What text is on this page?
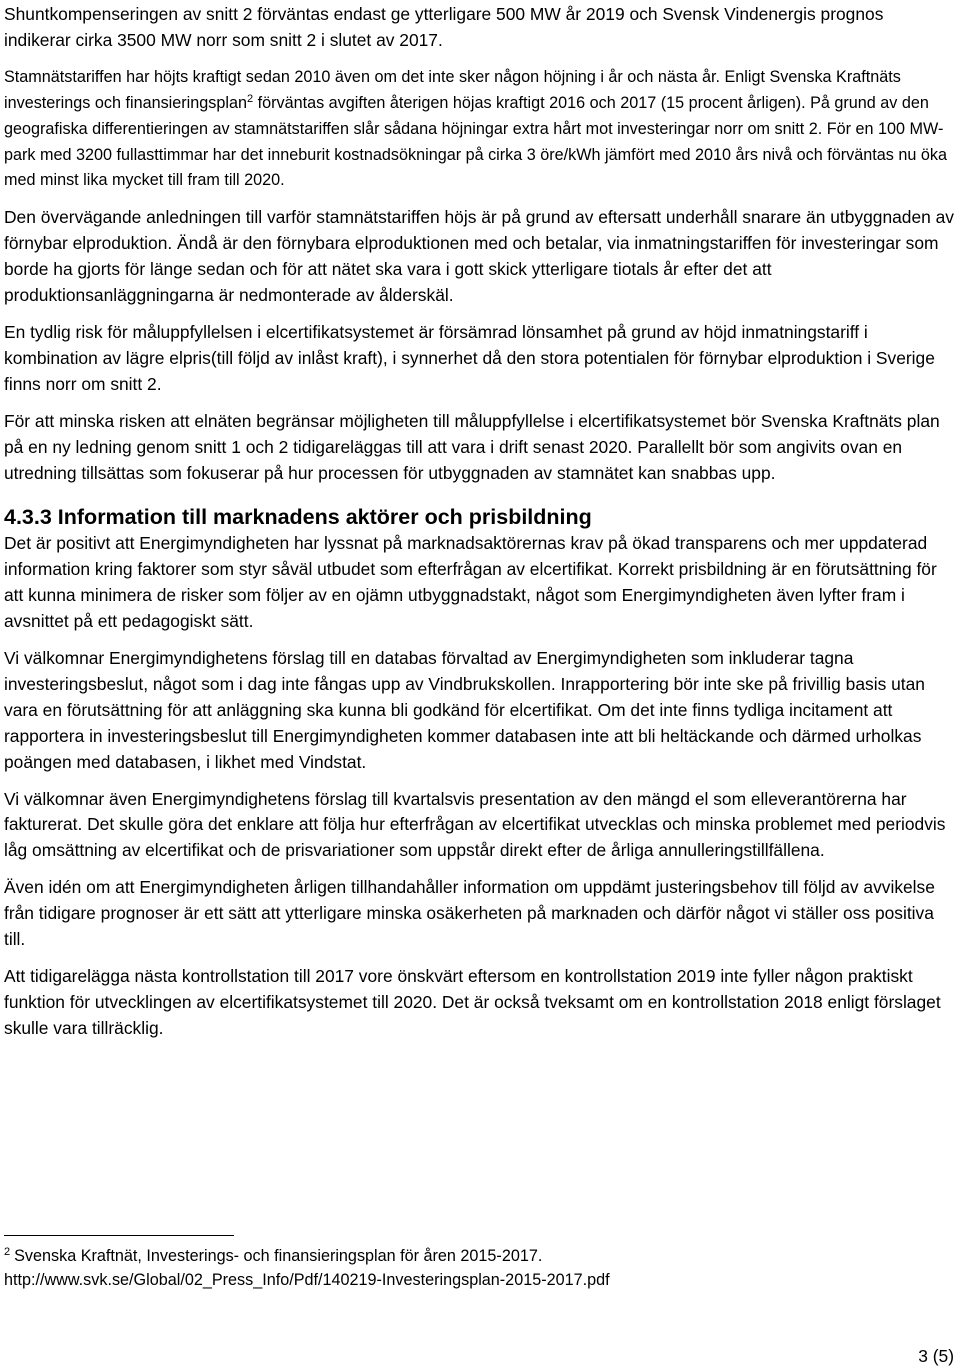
Shuntkompenseringen av snitt 2 förväntas endast ge ytterligare 500 MW år 2019 och Svensk Vindenergis prognos indikerar cirka 3500 MW norr som snitt 2 i slutet av 2017.

Stamnätstariffen har höjts kraftigt sedan 2010 även om det inte sker någon höjning i år och nästa år. Enligt Svenska Kraftnäts investerings och finansieringsplan$^2$ förväntas avgiften återigen höjas kraftigt 2016 och 2017 (15 procent årligen). På grund av den geografiska differentieringen av stamnätstariffen slår sådana höjningar extra hårt mot investeringar norr om snitt 2. För en 100 MW-park med 3200 fullasttimmar har det inneburit kostnadsökningar på cirka 3 öre/kWh jämfört med 2010 års nivå och förväntas nu öka med minst lika mycket till fram till 2020.

Den övervägande anledningen till varför stamnätstariffen höjs är på grund av eftersatt underhåll snarare än utbyggnaden av förnybar elproduktion. Ändå är den förnybara elproduktionen med och betalar, via inmatningstariffen för investeringar som borde ha gjorts för länge sedan och för att nätet ska vara i gott skick ytterligare tiotals år efter det att produktionsanläggningarna är nedmonterade av ålderskäl.

En tydlig risk för måluppfyllelsen i elcertifikatsystemet är försämrad lönsamhet på grund av höjd inmatningstariff i kombination av lägre elpris(till följd av inlåst kraft), i synnerhet då den stora potentialen för förnybar elproduktion i Sverige finns norr om snitt 2.

För att minska risken att elnäten begränsar möjligheten till måluppfyllelse i elcertifikatsystemet bör Svenska Kraftnäts plan på en ny ledning genom snitt 1 och 2 tidigareläggas till att vara i drift senast 2020. Parallellt bör som angivits ovan en utredning tillsättas som fokuserar på hur processen för utbyggnaden av stamnätet kan snabbas upp.

4.3.3 Information till marknadens aktörer och prisbildning

Det är positivt att Energimyndigheten har lyssnat på marknadsaktörernas krav på ökad transparens och mer uppdaterad information kring faktorer som styr såväl utbudet som efterfrågan av elcertifikat. Korrekt prisbildning är en förutsättning för att kunna minimera de risker som följer av en ojämn utbyggnadstakt, något som Energimyndigheten även lyfter fram i avsnittet på ett pedagogiskt sätt.

Vi välkomnar Energimyndighetens förslag till en databas förvaltad av Energimyndigheten som inkluderar tagna investeringsbeslut, något som i dag inte fångas upp av Vindbrukskollen. Inrapportering bör inte ske på frivillig basis utan vara en förutsättning för att anläggning ska kunna bli godkänd för elcertifikat. Om det inte finns tydliga incitament att rapportera in investeringsbeslut till Energimyndigheten kommer databasen inte att bli heltäckande och därmed urholkas poängen med databasen, i likhet med Vindstat.

Vi välkomnar även Energimyndighetens förslag till kvartalsvis presentation av den mängd el som elleverantörerna har fakturerat. Det skulle göra det enklare att följa hur efterfrågan av elcertifikat utvecklas och minska problemet med periodvis låg omsättning av elcertifikat och de prisvariationer som uppstår direkt efter de årliga annulleringstillfällena.

Även idén om att Energimyndigheten årligen tillhandahåller information om uppdämt justeringsbehov till följd av avvikelse från tidigare prognoser är ett sätt att ytterligare minska osäkerheten på marknaden och därför något vi ställer oss positiva till.

Att tidigarelägga nästa kontrollstation till 2017 vore önskvärt eftersom en kontrollstation 2019 inte fyller någon praktiskt funktion för utvecklingen av elcertifikatsystemet till 2020. Det är också tveksamt om en kontrollstation 2018 enligt förslaget skulle vara tillräcklig.

$^2$ Svenska Kraftnät, Investerings- och finansieringsplan för åren 2015-2017.

http://www.svk.se/Global/02_Press_Info/Pdf/140219-Investeringsplan-2015-2017.pdf

3 (5)
